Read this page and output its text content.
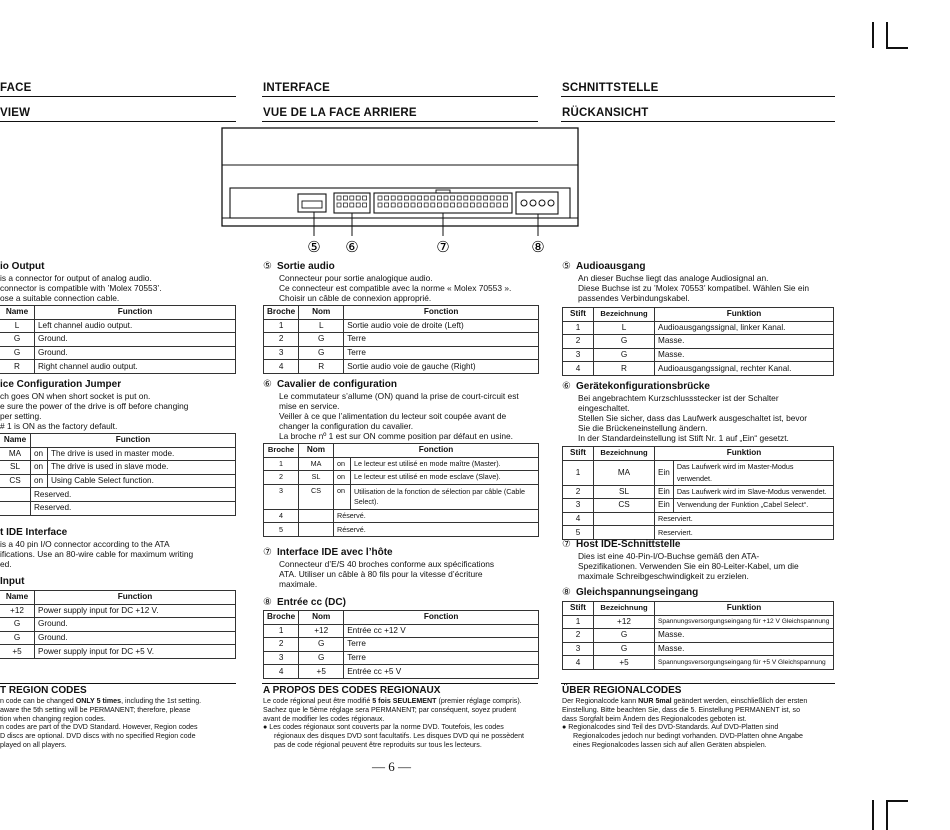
FACE
VIEW
io Output

is a connector for output of analog audio.

connector is compatible with ’Molex 70553’.

ose a suitable connection cable.

Name	Function
L	Left channel audio output.
G	Ground.
G	Ground.
R	Right channel audio output.
ice Configuration Jumper

ch goes ON when short socket is put on.

e sure the power of the drive is off before changing

per setting.

# 1 is ON as the factory default.

Name	Function	
MA	on	The drive is used in master mode.
SL	on	The drive is used in slave mode.
CS	on	Using Cable Select function.
	Reserved.	
	Reserved.	
t IDE Interface

is a 40 pin I/O connector according to the ATA

ifications. Use an 80-wire cable for maximum writing

ed.

Input
Name	Function
+12	Power supply input for DC +12 V.
G	Ground.
G	Ground.
+5	Power supply input for DC +5 V.
T REGION CODES
n code can be changed ONLY 5 times, including the 1st setting.
aware the 5th setting will be PERMANENT; therefore, please
tion when changing region codes.
n codes are part of the DVD Standard. However, Region codes
D discs are optional. DVD discs with no specified Region code
played on all players.
INTERFACE
VUE DE LA FACE ARRIERE
⑤ ⑥	⑦	⑧
⑤ Sortie audio

Connecteur pour sortie analogique audio.

Ce connecteur est compatible avec la norme « Molex 70553 ».

Choisir un câble de connexion approprié.

Broche	Nom	Fonction
1	L	Sortie audio voie de droite (Left)
2	G	Terre
3	G	Terre
4	R	Sortie audio voie de gauche (Right)
⑥ Cavalier de configuration

Le commutateur s’allume (ON) quand la prise de court-circuit est

mise en service.

Veiller à ce que l’alimentation du lecteur soit coupée avant de

changer la configuration du cavalier.

La broche nº 1 est sur ON comme position par défaut en usine.

Broche	Nom	Fonction	
1	MA	on	Le lecteur est utilisé en mode maître (Master).
2	SL	on	Le lecteur est utilisé en mode esclave (Slave).
3	CS	on	Utilisation de la fonction de sélection par câble (Cable Select).
4		Réservé.	
5		Réservé.	
⑦ Interface IDE avec l’hôte

Connecteur d’E/S 40 broches conforme aux spécifications

ATA. Utiliser un câble à 80 fils pour la vitesse d’écriture

maximale.

⑧ Entrée cc (DC)
Broche	Nom	Fonction
1	+12	Entrée cc +12 V
2	G	Terre
3	G	Terre
4	+5	Entrée cc +5 V
A PROPOS DES CODES REGIONAUX
Le code régional peut être modifié 5 fois SEULEMENT (premier réglage compris).
Sachez que le 5ème réglage sera PERMANENT; par conséquent, soyez prudent
avant de modifier les codes régionaux.
● Les codes régionaux sont couverts par la norme DVD. Toutefois, les codes
régionaux des disques DVD sont facultatifs. Les disques DVD qui ne possèdent
pas de code régional peuvent être reproduits sur tous les lecteurs.
— 6 —
SCHNITTSTELLE
RÜCKANSICHT
⑤ Audioausgang

An dieser Buchse liegt das analoge Audiosignal an.

Diese Buchse ist zu ’Molex 70553’ kompatibel. Wählen Sie ein

passendes Verbindungskabel.

Stift	Bezeichnung	Funktion
1	L	Audioausgangssignal, linker Kanal.
2	G	Masse.
3	G	Masse.
4	R	Audioausgangssignal, rechter Kanal.
⑥ Gerätekonfigurationsbrücke

Bei angebrachtem Kurzschlussstecker ist der Schalter

eingeschaltet.

Stellen Sie sicher, dass das Laufwerk ausgeschaltet ist, bevor

Sie die Brückeneinstellung ändern.

In der Standardeinstellung ist Stift Nr. 1 auf „Ein“ gesetzt.

Stift	Bezeichnung	Funktion	
1	MA	Ein	Das Laufwerk wird im Master-Modus verwendet.
2	SL	Ein	Das Laufwerk wird im Slave-Modus verwendet.
3	CS	Ein	Verwendung der Funktion „Cabel Select“.
4		Reserviert.	
5		Reserviert.	
⑦ Host IDE-Schnittstelle

Dies ist eine 40-Pin-I/O-Buchse gemäß den ATA-

Spezifikationen. Verwenden Sie ein 80-Leiter-Kabel, um die

maximale Schreibgeschwindigkeit zu erzielen.

⑧ Gleichspannungseingang
Stift	Bezeichnung	Funktion
1	+12	Spannungsversorgungseingang für +12 V Gleichspannung
2	G	Masse.
3	G	Masse.
4	+5	Spannungsversorgungseingang für +5 V Gleichspannung
ÜBER REGIONALCODES
Der Regionalcode kann NUR 5mal geändert werden, einschließlich der ersten
Einstellung. Bitte beachten Sie, dass die 5. Einstellung PERMANENT ist, so
dass Sorgfalt beim Ändern des Regionalcodes geboten ist.
● Regionalcodes sind Teil des DVD-Standards. Auf DVD-Platten sind
Regionalcodes jedoch nur bedingt vorhanden. DVD-Platten ohne Angabe
eines Regionalcodes lassen sich auf allen Geräten abspielen.
